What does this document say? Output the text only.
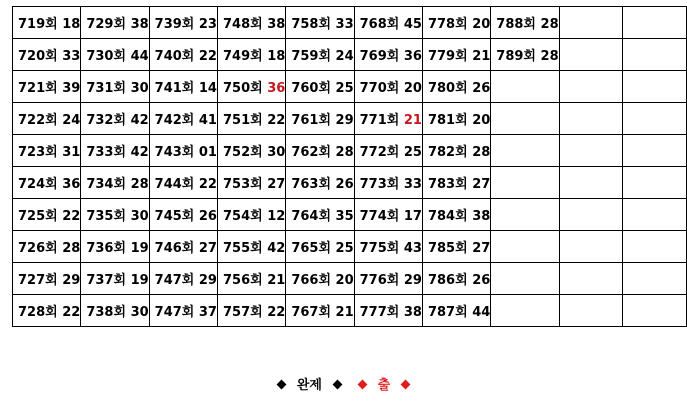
719회 18	729회 38	739회 23	748회 38	758회 33	768회 45	778회 20	788회 28		
720회 33	730회 44	740회 22	749회 18	759회 24	769회 36	779회 21	789회 28		
721회 39	731회 30	741회 14	750회 36	760회 25	770회 20	780회 26			
722회 24	732회 42	742회 41	751회 22	761회 29	771회 21	781회 20			
723회 31	733회 42	743회 01	752회 30	762회 28	772회 25	782회 28			
724회 36	734회 28	744회 22	753회 27	763회 26	773회 33	783회 27			
725회 22	735회 30	745회 26	754회 12	764회 35	774회 17	784회 38			
726회 28	736회 19	746회 27	755회 42	765회 25	775회 43	785회 27			
727회 29	737회 19	747회 29	756회 21	766회 20	776회 29	786회 26			
728회 22	738회 30	747회 37	757회 22	767회 21	777회 38	787회 44			
완제	출
